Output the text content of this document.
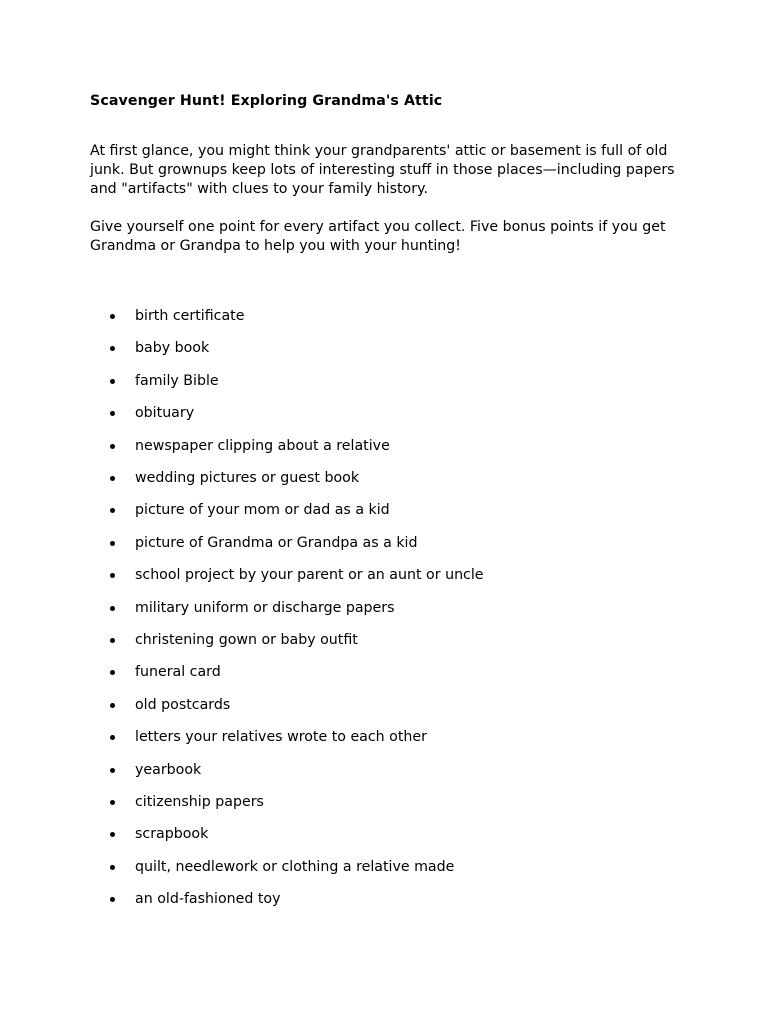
Scavenger Hunt! Exploring Grandma's Attic

At first glance, you might think your grandparents' attic or basement is full of old junk. But grownups keep lots of interesting stuff in those places—including papers and "artifacts" with clues to your family history.

Give yourself one point for every artifact you collect. Five bonus points if you get Grandma or Grandpa to help you with your hunting!

birth certificate
baby book
family Bible
obituary
newspaper clipping about a relative
wedding pictures or guest book
picture of your mom or dad as a kid
picture of Grandma or Grandpa as a kid
school project by your parent or an aunt or uncle
military uniform or discharge papers
christening gown or baby outfit
funeral card
old postcards
letters your relatives wrote to each other
yearbook
citizenship papers
scrapbook
quilt, needlework or clothing a relative made
an old-fashioned toy
